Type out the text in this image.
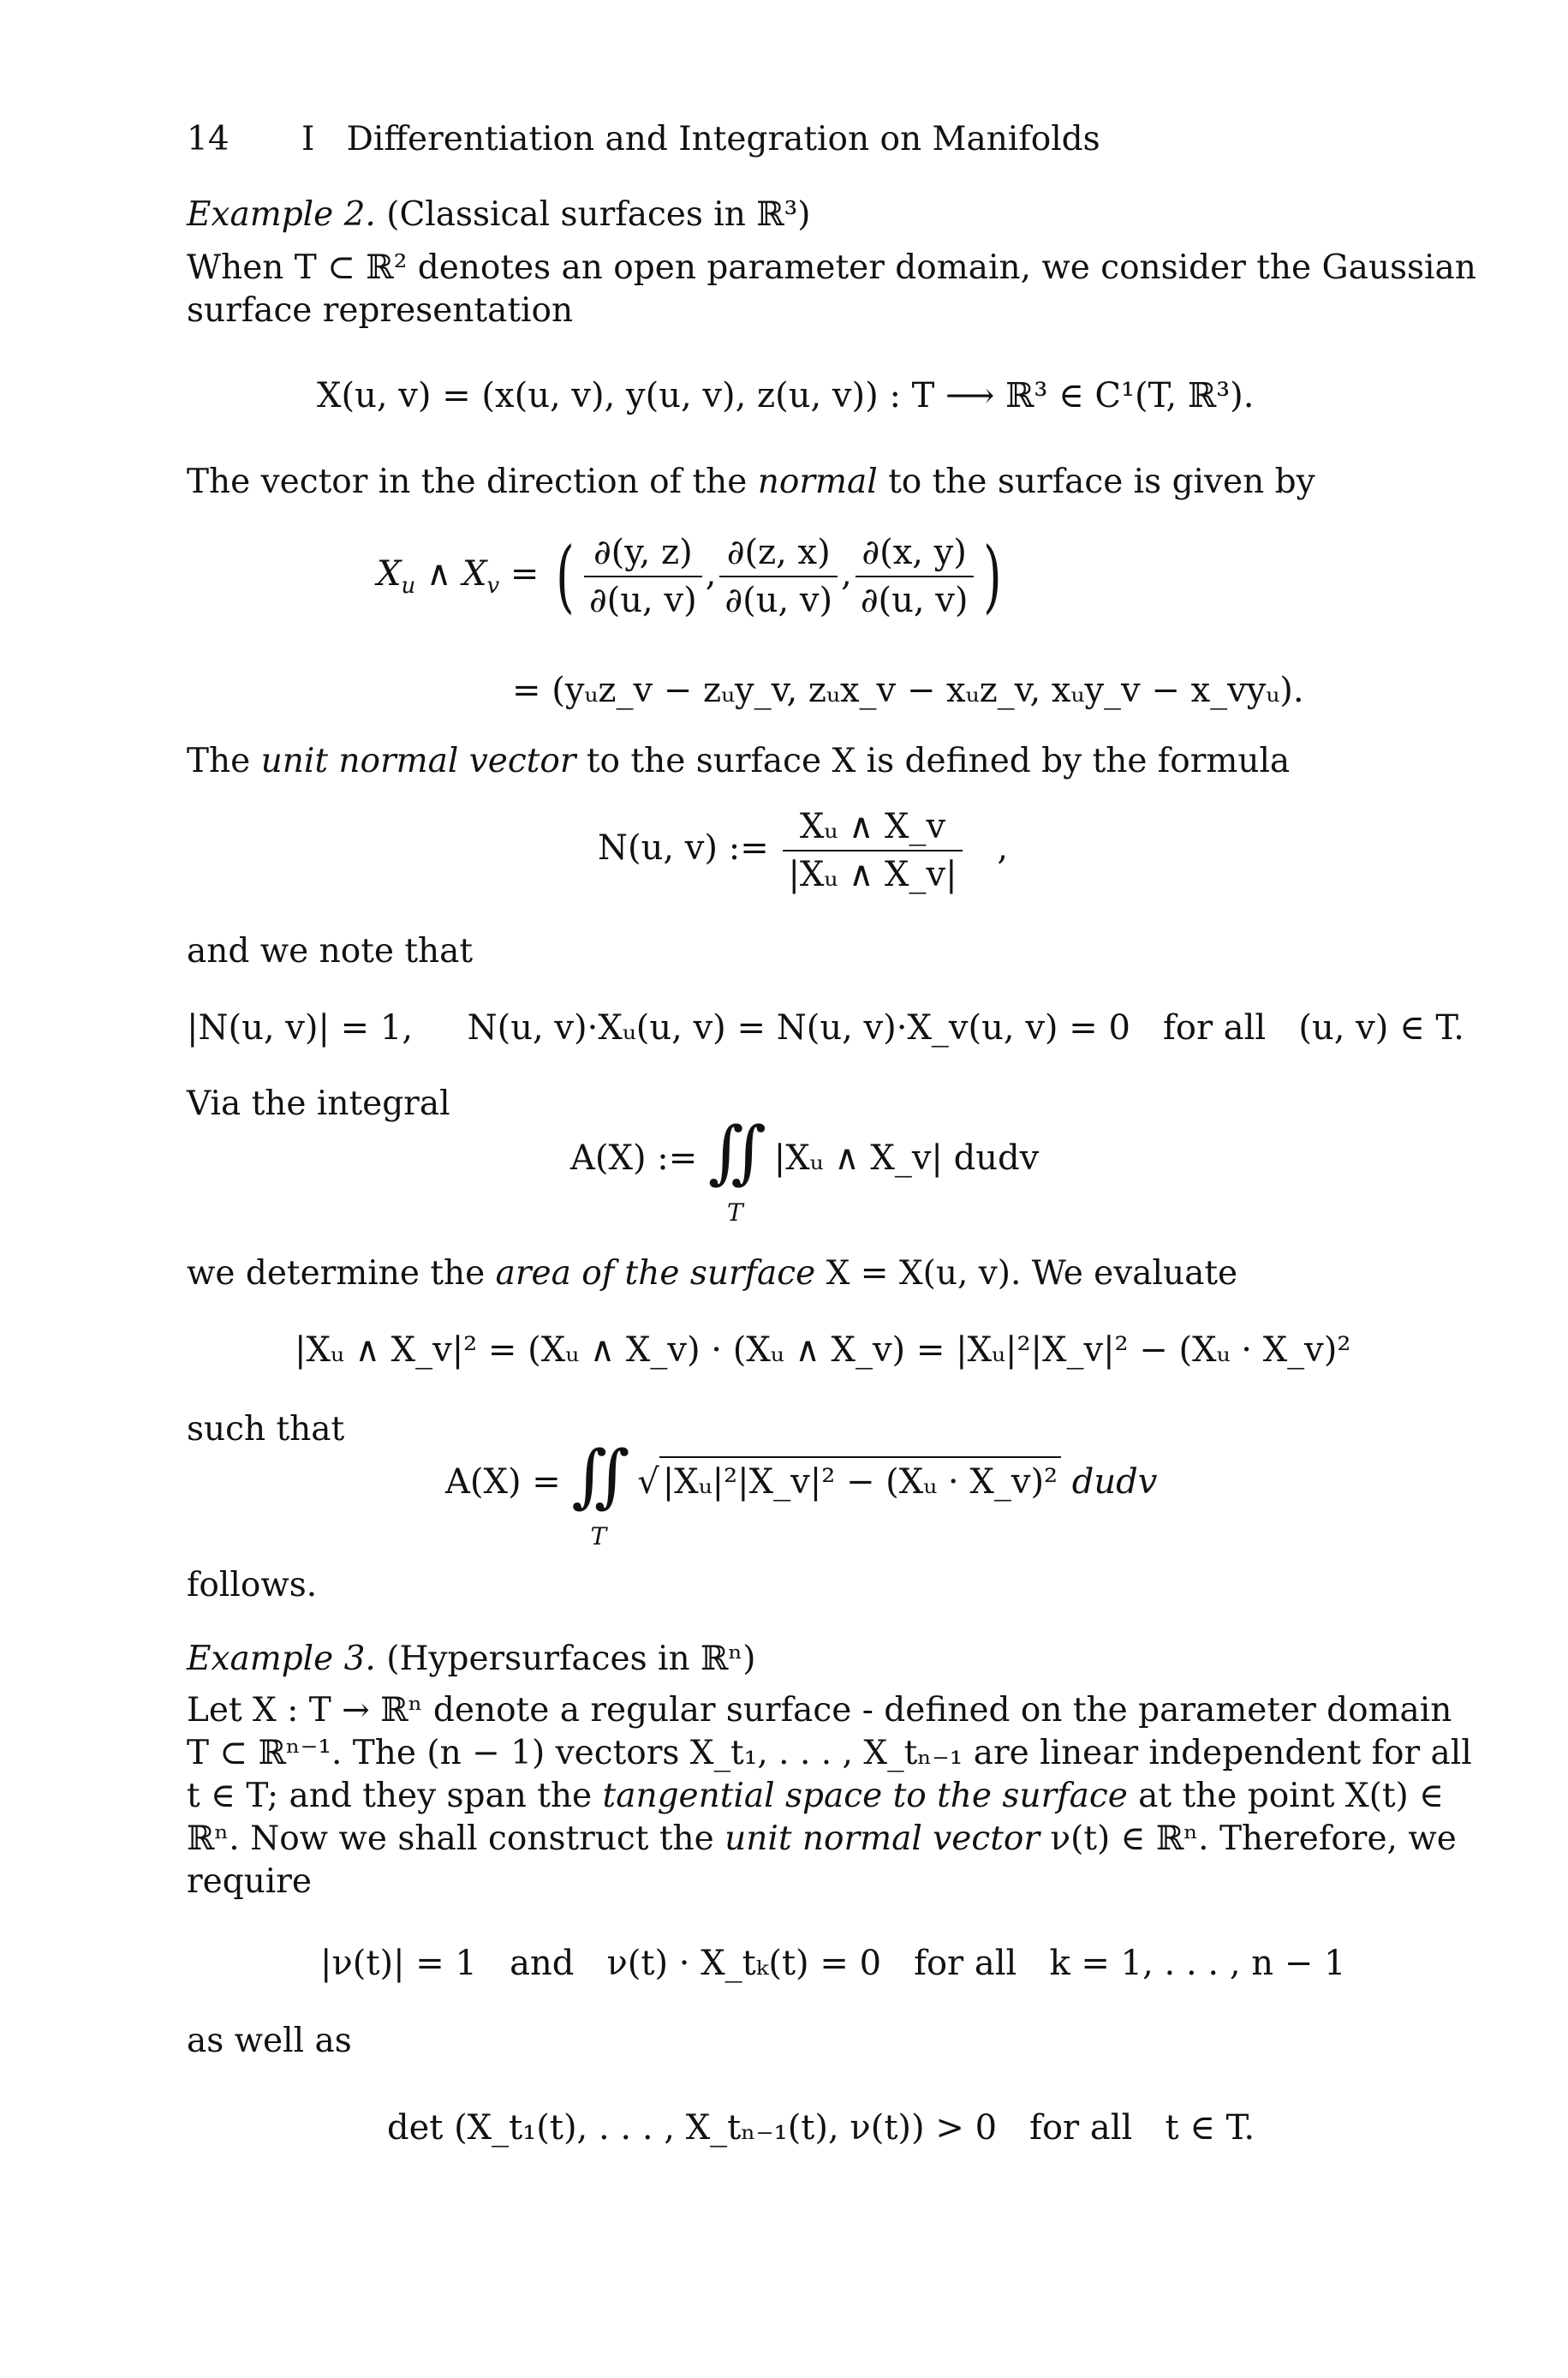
14 I   Differentiation and Integration on Manifolds
Example 2. (Classical surfaces in ℝ³)
When T ⊂ ℝ² denotes an open parameter domain, we consider the Gaussian
surface representation
X(u, v) = (x(u, v), y(u, v), z(u, v)) : T ⟶ ℝ³ ∈ C¹(T, ℝ³).
The vector in the direction of the normal to the surface is given by
$X_u$ ∧ $X_v$ = ( $\frac{\partial(y, z)}{\partial(u, v)}$ , $\frac{\partial(z, x)}{\partial(u, v)}$ , $\frac{\partial(x, y)}{\partial(u, v)}$ )
= (yᵤz_v − zᵤy_v, zᵤx_v − xᵤz_v, xᵤy_v − x_vyᵤ).
The unit normal vector to the surface X is defined by the formula
N(u, v) := $\frac{\text{Xᵤ ∧ X\_v}}{\text{|Xᵤ ∧ X\_v|}}$ ,
and we note that
|N(u, v)| = 1,     N(u, v)·Xᵤ(u, v) = N(u, v)·X_v(u, v) = 0   for all   (u, v) ∈ T.
Via the integral
A(X) := ∬
T
|Xᵤ ∧ X_v| dudv
we determine the area of the surface X = X(u, v). We evaluate
|Xᵤ ∧ X_v|² = (Xᵤ ∧ X_v) · (Xᵤ ∧ X_v) = |Xᵤ|²|X_v|² − (Xᵤ · X_v)²
such that
A(X) = ∬
T
√ |Xᵤ|²|X_v|² − (Xᵤ · X_v)² dudv
follows.
Example 3. (Hypersurfaces in ℝⁿ)
Let X : T → ℝⁿ denote a regular surface - defined on the parameter domain
T ⊂ ℝⁿ⁻¹. The (n − 1) vectors X_t₁, . . . , X_tₙ₋₁ are linear independent for all
t ∈ T; and they span the tangential space to the surface at the point X(t) ∈
ℝⁿ. Now we shall construct the unit normal vector ν(t) ∈ ℝⁿ. Therefore, we
require
|ν(t)| = 1   and   ν(t) · X_tₖ(t) = 0   for all   k = 1, . . . , n − 1
as well as
det (X_t₁(t), . . . , X_tₙ₋₁(t), ν(t)) > 0   for all   t ∈ T.
